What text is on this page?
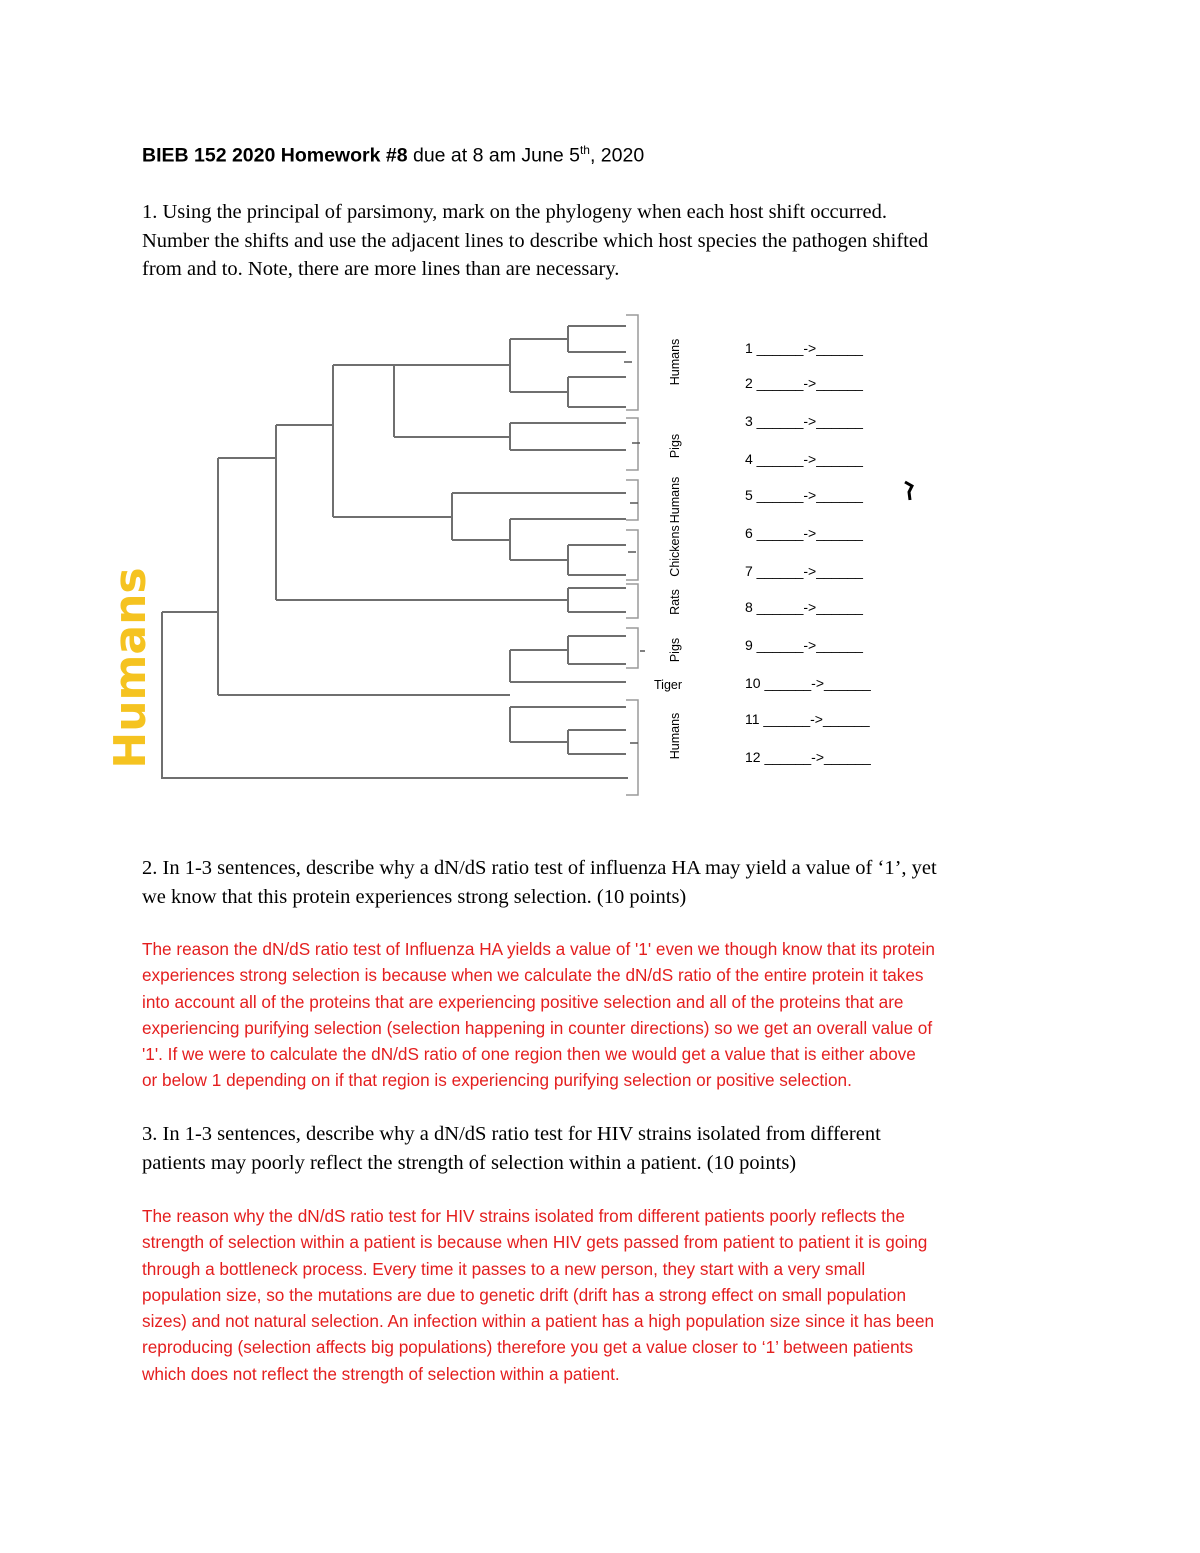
BIEB 152 2020 Homework #8 due at 8 am June 5th, 2020
1. Using the principal of parsimony, mark on the phylogeny when each host shift occurred.
Number the shifts and use the adjacent lines to describe which host species the pathogen shifted
from and to. Note, there are more lines than are necessary.
Humans
Pigs
Humans
Chickens
Rats
Pigs
Tiger
Humans
1 ______->______
2 ______->______
3 ______->______
4 ______->______
5 ______->______
6 ______->______
7 ______->______
8 ______->______
9 ______->______
10 ______->______
11 ______->______
12 ______->______
Humans
2. In 1-3 sentences, describe why a dN/dS ratio test of influenza HA may yield a value of ‘1’, yet
we know that this protein experiences strong selection. (10 points)
The reason the dN/dS ratio test of Influenza HA yields a value of '1' even we though know that its protein
experiences strong selection is because when we calculate the dN/dS ratio of the entire protein it takes
into account all of the proteins that are experiencing positive selection and all of the proteins that are
experiencing purifying selection (selection happening in counter directions) so we get an overall value of
'1'. If we were to calculate the dN/dS ratio of one region then we would get a value that is either above
or below 1 depending on if that region is experiencing purifying selection or positive selection.
3. In 1-3 sentences, describe why a dN/dS ratio test for HIV strains isolated from different
patients may poorly reflect the strength of selection within a patient. (10 points)
The reason why the dN/dS ratio test for HIV strains isolated from different patients poorly reflects the
strength of selection within a patient is because when HIV gets passed from patient to patient it is going
through a bottleneck process. Every time it passes to a new person, they start with a very small
population size, so the mutations are due to genetic drift (drift has a strong effect on small population
sizes) and not natural selection. An infection within a patient has a high population size since it has been
reproducing (selection affects big populations) therefore you get a value closer to ‘1’ between patients
which does not reflect the strength of selection within a patient.
